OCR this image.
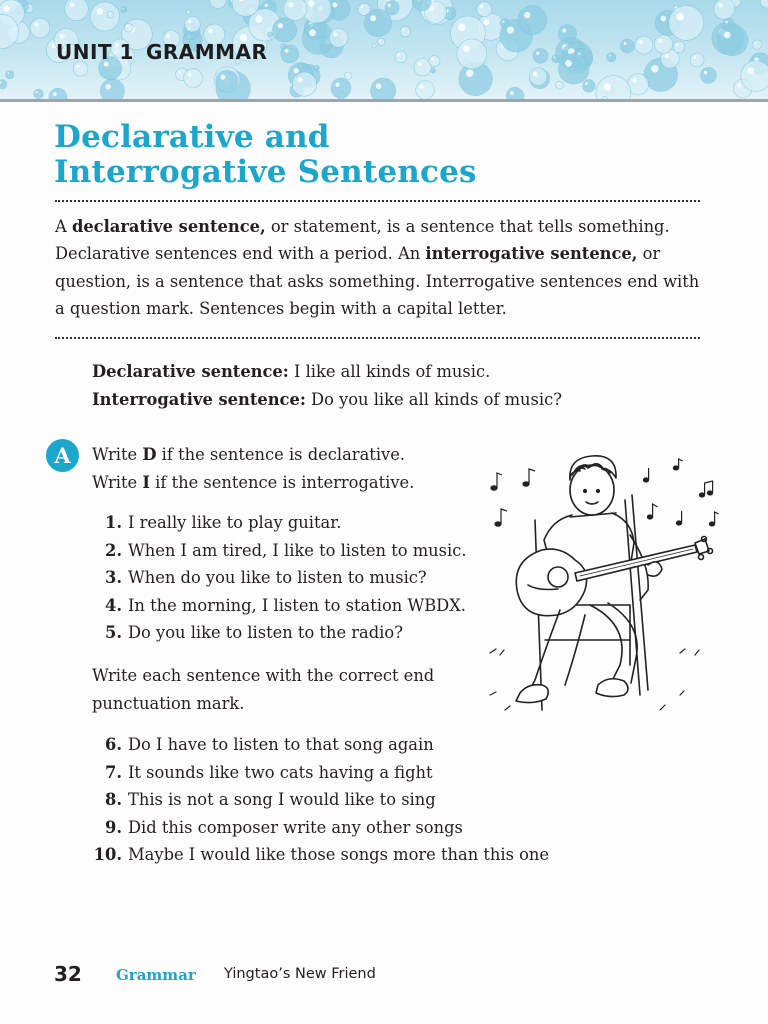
UNIT 1 GRAMMAR
Declarative and
Interrogative Sentences

A declarative sentence, or statement, is a sentence that tells something. Declarative sentences end with a period. An interrogative sentence, or question, is a sentence that asks something. Interrogative sentences end with a question mark. Sentences begin with a capital letter.

Declarative sentence: I like all kinds of music.
Interrogative sentence: Do you like all kinds of music?
A	Write D if the sentence is declarative.
Write I if the sentence is interrogative.
1. I really like to play guitar.
2. When I am tired, I like to listen to music.
3. When do you like to listen to music?
4. In the morning, I listen to station WBDX.
5. Do you like to listen to the radio?
Write each sentence with the correct end punctuation mark.
6. Do I have to listen to that song again
7. It sounds like two cats having a fight
8. This is not a song I would like to sing
9. Did this composer write any other songs
10. Maybe I would like those songs more than this one
32 Grammar Yingtao’s New Friend
